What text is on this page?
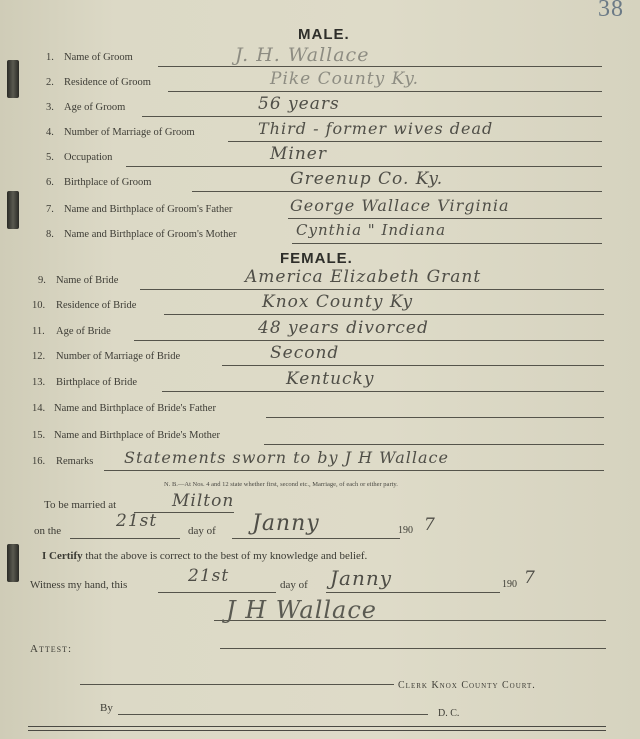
38
MALE.
1. Name of Groom	J. H. Wallace
2. Residence of Groom	Pike County Ky.
3. Age of Groom	56 years
4. Number of Marriage of Groom	Third - former wives dead
5. Occupation	Miner
6. Birthplace of Groom	Greenup Co. Ky.
7. Name and Birthplace of Groom's Father	George Wallace Virginia
8. Name and Birthplace of Groom's Mother	Cynthia " Indiana
FEMALE.
9. Name of Bride	America Elizabeth Grant
10. Residence of Bride	Knox County Ky
11. Age of Bride	48 years divorced
12. Number of Marriage of Bride	Second
13. Birthplace of Bride	Kentucky
14. Name and Birthplace of Bride's Father
15. Name and Birthplace of Bride's Mother
16. Remarks Statements sworn to by J H Wallace
N. B.—At Nos. 4 and 12 state whether first, second etc., Marriage, of each or either party.
To be married at	Milton
on the	21st	day of Janny	190 7
I Certify that the above is correct to the best of my knowledge and belief.
Witness my hand, this	21st	day of Janny	190 7
J H Wallace
Attest:
Clerk Knox County Court.
By	D. C.
